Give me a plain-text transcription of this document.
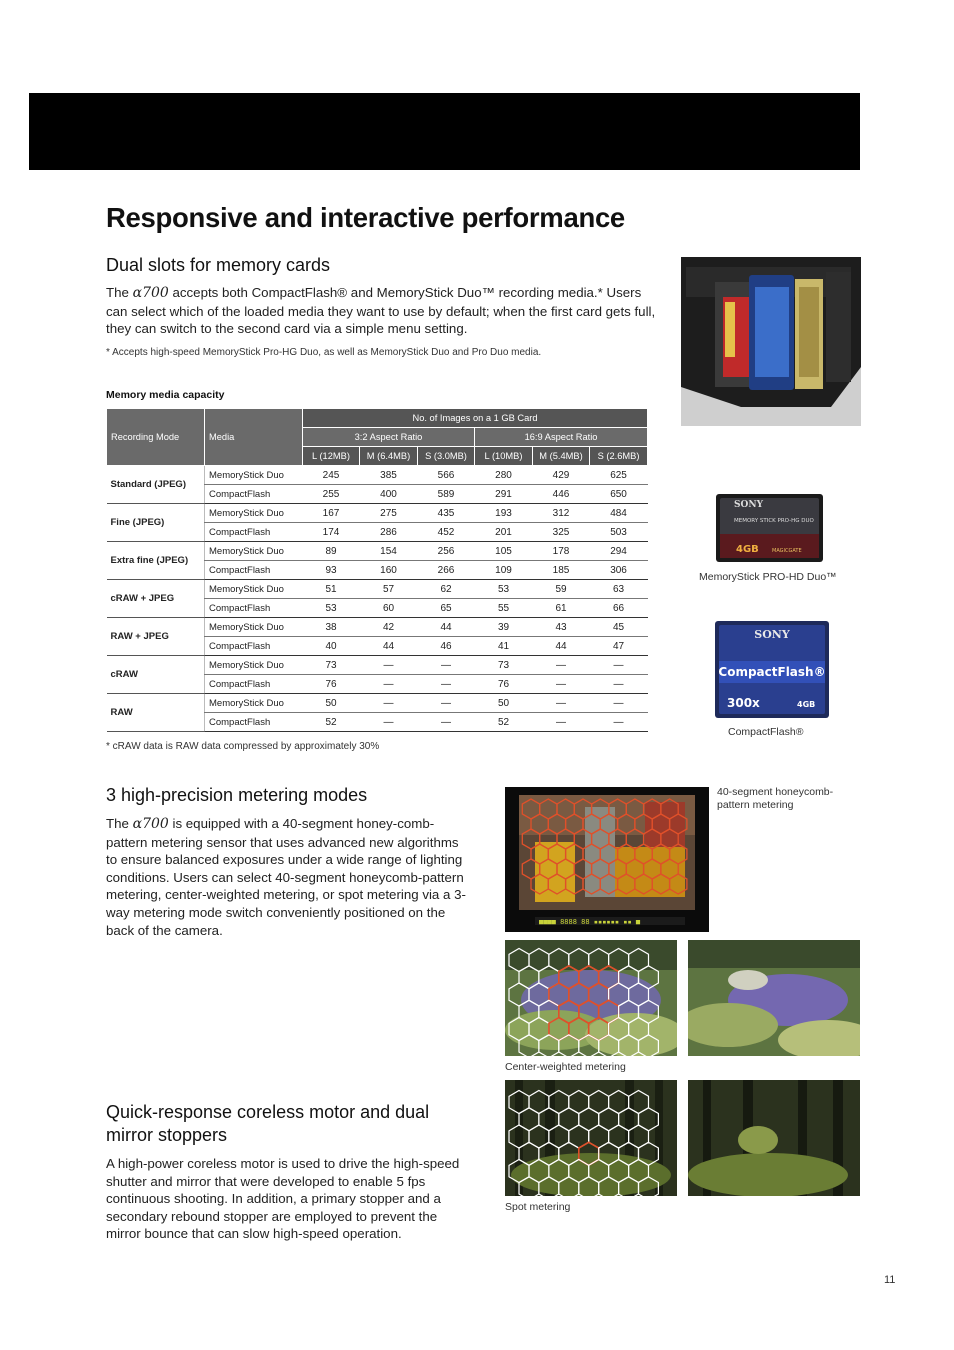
Responsive and interactive performance
Dual slots for memory cards

The α700 accepts both CompactFlash® and MemoryStick Duo™ recording media.* Users can select which of the loaded media they want to use by default; when the first card gets full, they can switch to the second card via a simple menu setting.

* Accepts high-speed MemoryStick Pro-HG Duo, as well as MemoryStick Duo and Pro Duo media.

Memory media capacity
Recording Mode	Media	No. of Images on a 1 GB Card					
		3:2 Aspect Ratio			16:9 Aspect Ratio		
		L (12MB)	M (6.4MB)	S (3.0MB)	L (10MB)	M (5.4MB)	S (2.6MB)
Standard (JPEG)	MemoryStick Duo	245	385	566	280	429	625
	CompactFlash	255	400	589	291	446	650
Fine (JPEG)	MemoryStick Duo	167	275	435	193	312	484
	CompactFlash	174	286	452	201	325	503
Extra fine (JPEG)	MemoryStick Duo	89	154	256	105	178	294
	CompactFlash	93	160	266	109	185	306
cRAW + JPEG	MemoryStick Duo	51	57	62	53	59	63
	CompactFlash	53	60	65	55	61	66
RAW + JPEG	MemoryStick Duo	38	42	44	39	43	45
	CompactFlash	40	44	46	41	44	47
cRAW	MemoryStick Duo	73	—	—	73	—	—
	CompactFlash	76	—	—	76	—	—
RAW	MemoryStick Duo	50	—	—	50	—	—
	CompactFlash	52	—	—	52	—	—

* cRAW data is RAW data compressed by approximately 30%

SONY
MEMORY STICK PRO-HG DUO
4GB	MAGICGATE
MemoryStick PRO-HD Duo™
SONY
CompactFlash®
300x	4GB
CompactFlash®
3 high-precision metering modes

The α700 is equipped with a 40-segment honey-comb-pattern metering sensor that uses advanced new algorithms to ensure balanced exposures under a wide range of lighting conditions. Users can select 40-segment honeycomb-pattern metering, center-weighted metering, or spot metering via a 3-way metering mode switch conveniently positioned on the back of the camera.

■■■■ 8888 88 ▪▪▪▪▪▪ ▪▪ ■
40-segment honeycomb-pattern metering
Center-weighted metering
Spot metering
Quick-response coreless motor and dual mirror stoppers

A high-power coreless motor is used to drive the high-speed shutter and mirror that were developed to enable 5 fps continuous shooting. In addition, a primary stopper and a secondary rebound stopper are employed to prevent the mirror bounce that can slow high-speed operation.

11
